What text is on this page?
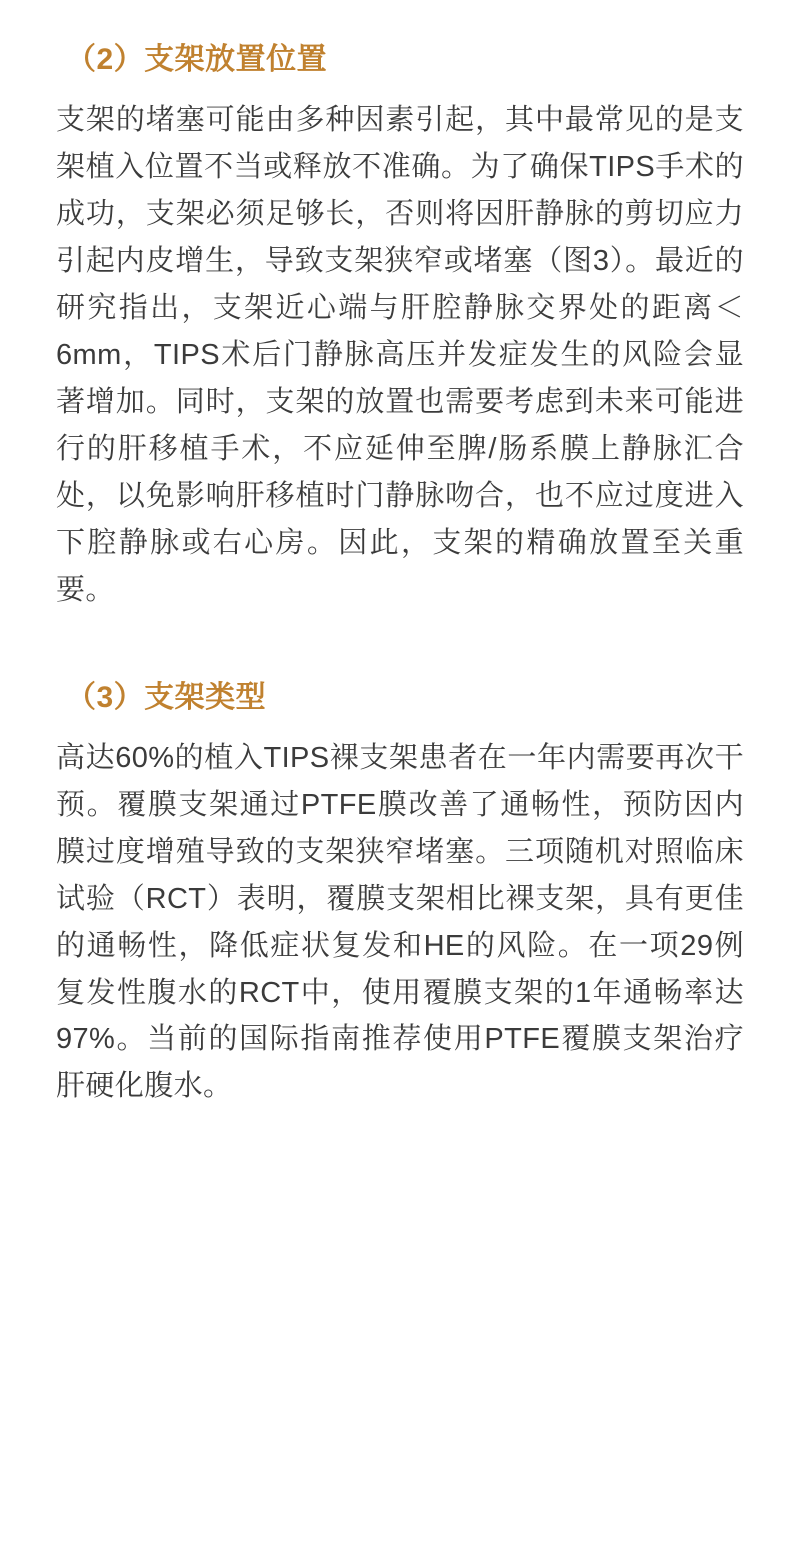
（2）支架放置位置

支架的堵塞可能由多种因素引起，其中最常见的是支架植入位置不当或释放不准确。为了确保TIPS手术的成功，支架必须足够长，否则将因肝静脉的剪切应力引起内皮增生，导致支架狭窄或堵塞（图3）。最近的研究指出，支架近心端与肝腔静脉交界处的距离＜ 6mm，TIPS术后门静脉高压并发症发生的风险会显著增加。同时，支架的放置也需要考虑到未来可能进行的肝移植手术，不应延伸至脾/肠系膜上静脉汇合处，以免影响肝移植时门静脉吻合，也不应过度进入下腔静脉或右心房。因此，支架的精确放置至关重要。

（3）支架类型

高达60%的植入TIPS裸支架患者在一年内需要再次干预。覆膜支架通过PTFE膜改善了通畅性，预防因内膜过度增殖导致的支架狭窄堵塞。三项随机对照临床试验（RCT）表明，覆膜支架相比裸支架，具有更佳的通畅性，降低症状复发和HE的风险。在一项29例复发性腹水的RCT中，使用覆膜支架的1年通畅率达97%。当前的国际指南推荐使用PTFE覆膜支架治疗肝硬化腹水。
